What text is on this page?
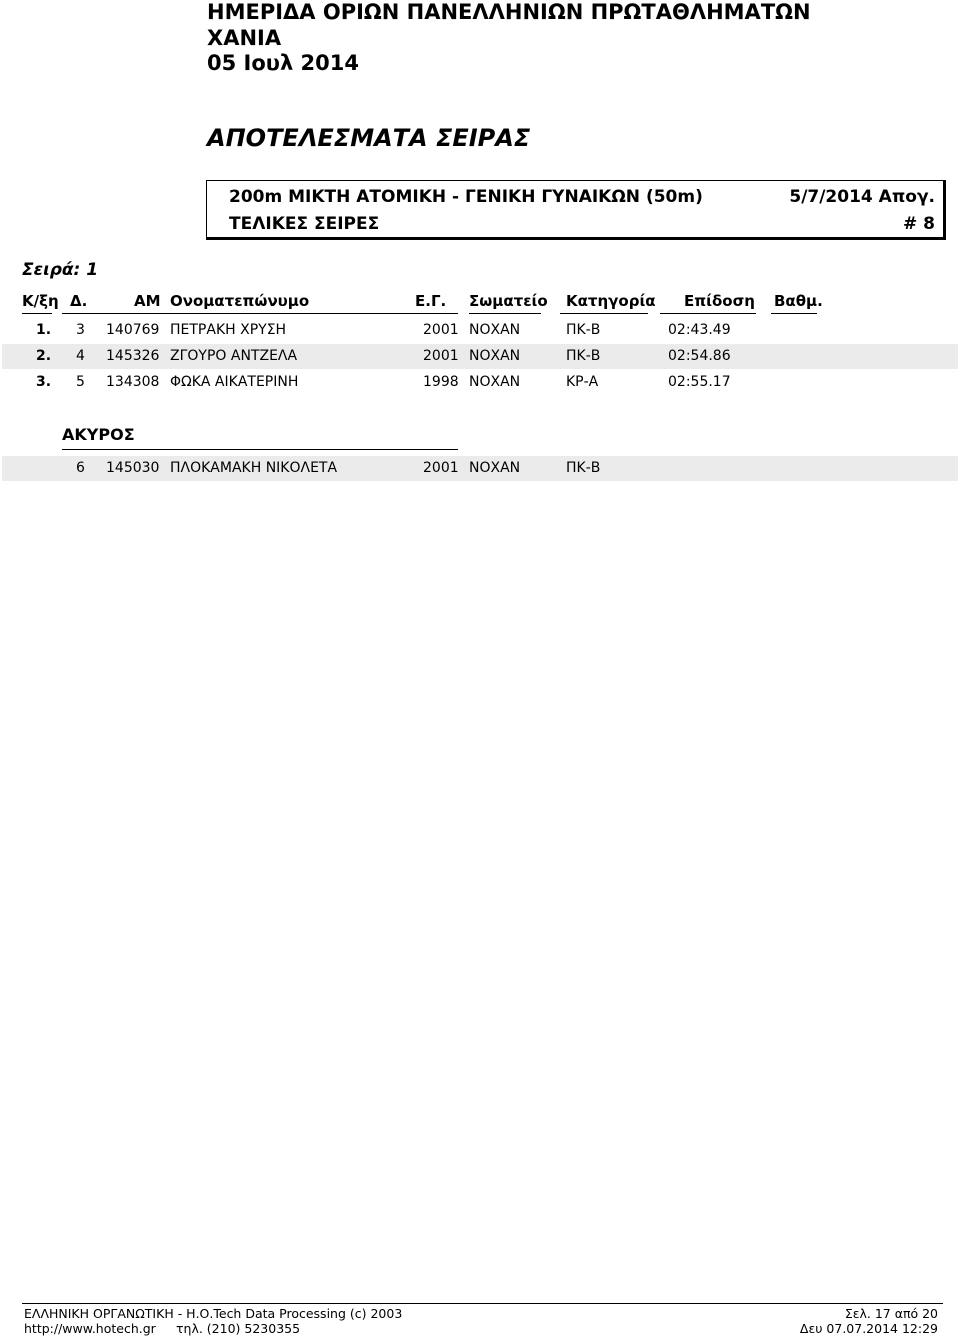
ΗΜΕΡΙΔΑ ΟΡΙΩΝ ΠΑΝΕΛΛΗΝΙΩΝ ΠΡΩΤΑΘΛΗΜΑΤΩΝ
ΧΑΝΙΑ
05 Ιουλ 2014
ΑΠΟΤΕΛΕΣΜΑΤΑ ΣΕΙΡΑΣ
200m ΜΙΚΤΗ ΑΤΟΜΙΚΗ - ΓΕΝΙΚΗ ΓΥΝΑΙΚΩΝ (50m)	5/7/2014 Απογ.
ΤΕΛΙΚΕΣ ΣΕΙΡΕΣ	# 8
Σειρά: 1
Κ/ξη Δ.	ΑΜ Ονοματεπώνυμο	Ε.Γ. Σωματείο Κατηγορία Επίδοση Βαθμ.
1. 3 140769 ΠΕΤΡΑΚΗ ΧΡΥΣΗ	2001 ΝΟΧΑΝ	ΠΚ-Β	02:43.49
2. 4 145326 ΖΓΟΥΡΟ ΑΝΤΖΕΛΑ	2001 ΝΟΧΑΝ	ΠΚ-Β	02:54.86
3. 5 134308 ΦΩΚΑ ΑΙΚΑΤΕΡΙΝΗ	1998 ΝΟΧΑΝ	ΚΡ-Α	02:55.17
ΑΚΥΡΟΣ
6 145030 ΠΛΟΚΑΜΑΚΗ ΝΙΚΟΛΕΤΑ	2001 ΝΟΧΑΝ	ΠΚ-Β
ΕΛΛΗΝΙΚΗ ΟΡΓΑΝΩΤΙΚΗ - Η.Ο.Tech Data Processing (c) 2003
http://www.hotech.gr τηλ. (210) 5230355
Σελ. 17 από 20
Δευ 07.07.2014 12:29
